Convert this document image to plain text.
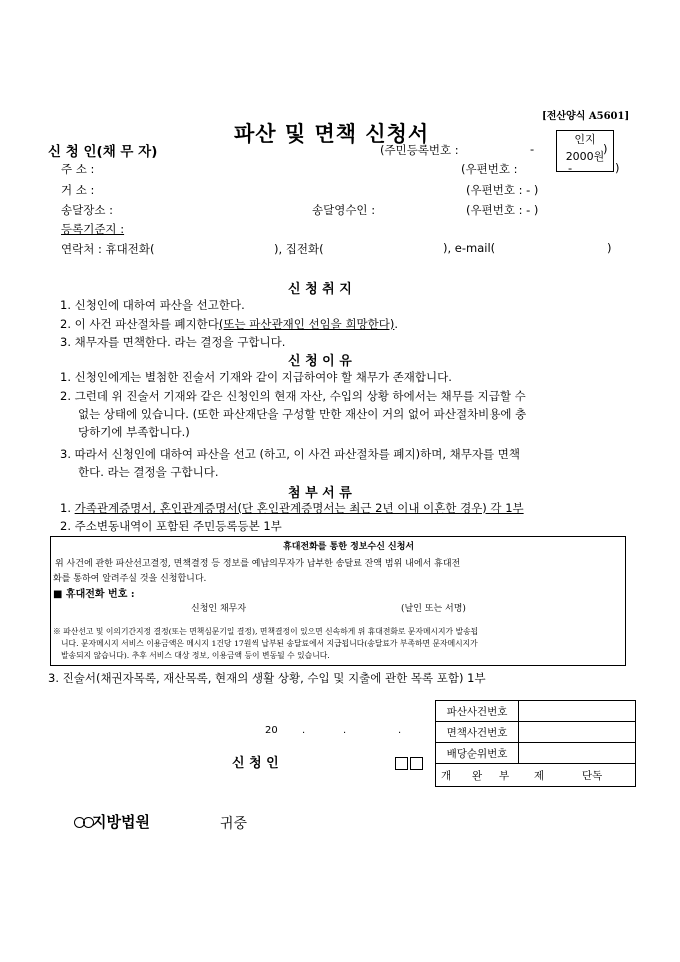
[전산양식 A5601]
파산 및 면책 신청서	인지
2000원
신 청 인(채 무 자)	(주민등록번호 :	-	)
주 소 :	(우편번호 :	-	)
거 소 :	(우편번호 : - )
송달장소 :	송달영수인 :	(우편번호 : - )
등록기준지 :
연락처 : 휴대전화(	), 집전화(	), e-mail(	)
신 청 취 지
1. 신청인에 대하여 파산을 선고한다.
2. 이 사건 파산절차를 폐지한다(또는 파산관재인 선임을 희망한다).
3. 채무자를 면책한다. 라는 결정을 구합니다.
신 청 이 유
1. 신청인에게는 별첨한 진술서 기재와 같이 지급하여야 할 채무가 존재합니다.
2. 그런데 위 진술서 기재와 같은 신청인의 현재 자산, 수입의 상황 하에서는 채무를 지급할 수
없는 상태에 있습니다. (또한 파산재단을 구성할 만한 재산이 거의 없어 파산절차비용에 충
당하기에 부족합니다.)
3. 따라서 신청인에 대하여 파산을 선고 (하고, 이 사건 파산절차를 폐지)하며, 채무자를 면책
한다. 라는 결정을 구합니다.
첨 부 서 류
1. 가족관계증명서, 혼인관계증명서(단 혼인관계증명서는 최근 2년 이내 이혼한 경우) 각 1부
2. 주소변동내역이 포함된 주민등록등본 1부
휴대전화를 통한 정보수신 신청서
위 사건에 관한 파산선고결정, 면책결정 등 정보를 예납의무자가 납부한 송달료 잔액 범위 내에서 휴대전
화를 통하여 알려주실 것을 신청합니다.
■ 휴대전화 번호 :
신청인 채무자	(날인 또는 서명)
※ 파산선고 및 이의기간지정 결정(또는 면책심문기일 결정), 면책결정이 있으면 신속하게 위 휴대전화로 문자메시지가 발송됩
니다. 문자메시지 서비스 이용금액은 메시지 1건당 17원씩 납부된 송달료에서 지급됩니다(송달료가 부족하면 문자메시지가
발송되지 않습니다). 추후 서비스 대상 정보, 이용금액 등이 변동될 수 있습니다.
3. 진술서(채권자목록, 재산목록, 현재의 생활 상황, 수입 및 지출에 관한 목록 포함) 1부
20 .	.	.
신 청 인
파산사건번호	
면책사건번호	
배당순위번호	

개 완 부 제 단독	
지방법원	귀중
